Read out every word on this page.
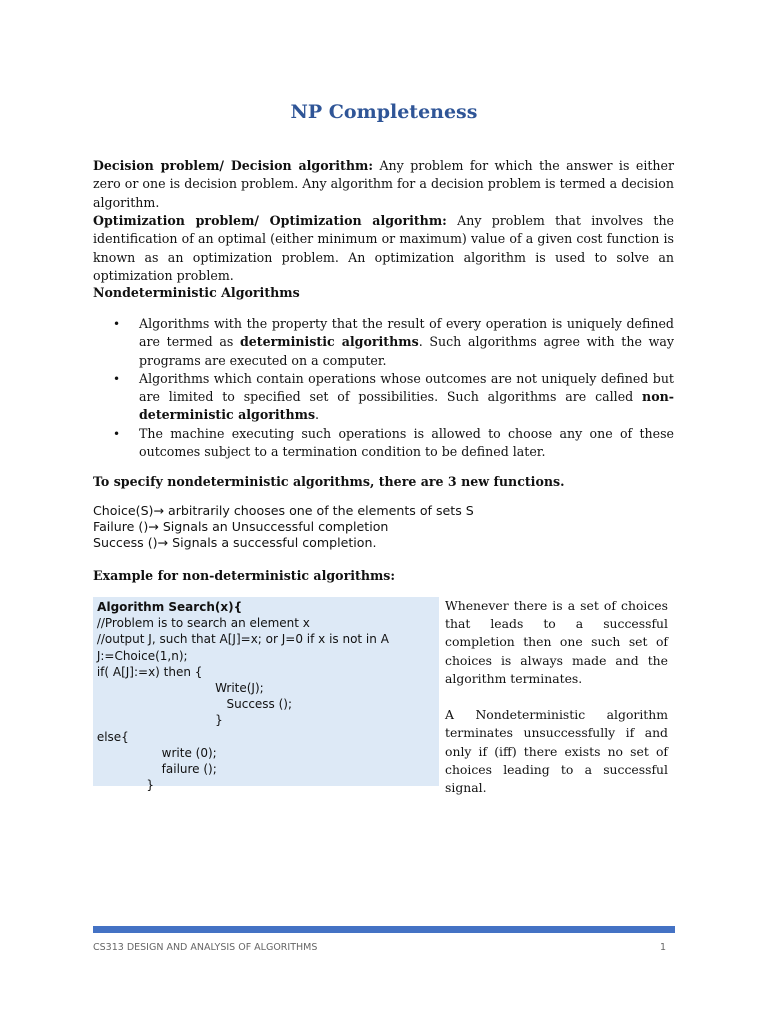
NP Completeness

Decision problem/ Decision algorithm: Any problem for which the answer is either zero or one is decision problem. Any algorithm for a decision problem is termed a decision algorithm.

Optimization problem/ Optimization algorithm: Any problem that involves the identification of an optimal (either minimum or maximum) value of a given cost function is known as an optimization problem. An optimization algorithm is used to solve an optimization problem.

Nondeterministic Algorithms

• Algorithms with the property that the result of every operation is uniquely defined are termed as deterministic algorithms. Such algorithms agree with the way programs are executed on a computer.
• Algorithms which contain operations whose outcomes are not uniquely defined but are limited to specified set of possibilities. Such algorithms are called non-deterministic algorithms.
• The machine executing such operations is allowed to choose any one of these outcomes subject to a termination condition to be defined later.

To specify nondeterministic algorithms, there are 3 new functions.

Choice(S)→ arbitrarily chooses one of the elements of sets S
Failure ()→ Signals an Unsuccessful completion
Success ()→ Signals a successful completion.

Example for non-deterministic algorithms:

Algorithm Search(x){
//Problem is to search an element x
//output J, such that A[J]=x; or J=0 if x is not in A
J:=Choice(1,n);
if( A[J]:=x) then {
Write(J);
Success ();
}
else{
write (0);
failure ();
}

Whenever there is a set of choices that leads to a successful completion then one such set of choices is always made and the algorithm terminates.

A Nondeterministic algorithm terminates unsuccessfully if and only if (iff) there exists no set of choices leading to a successful signal.

CS313 DESIGN AND ANALYSIS OF ALGORITHMS	1
